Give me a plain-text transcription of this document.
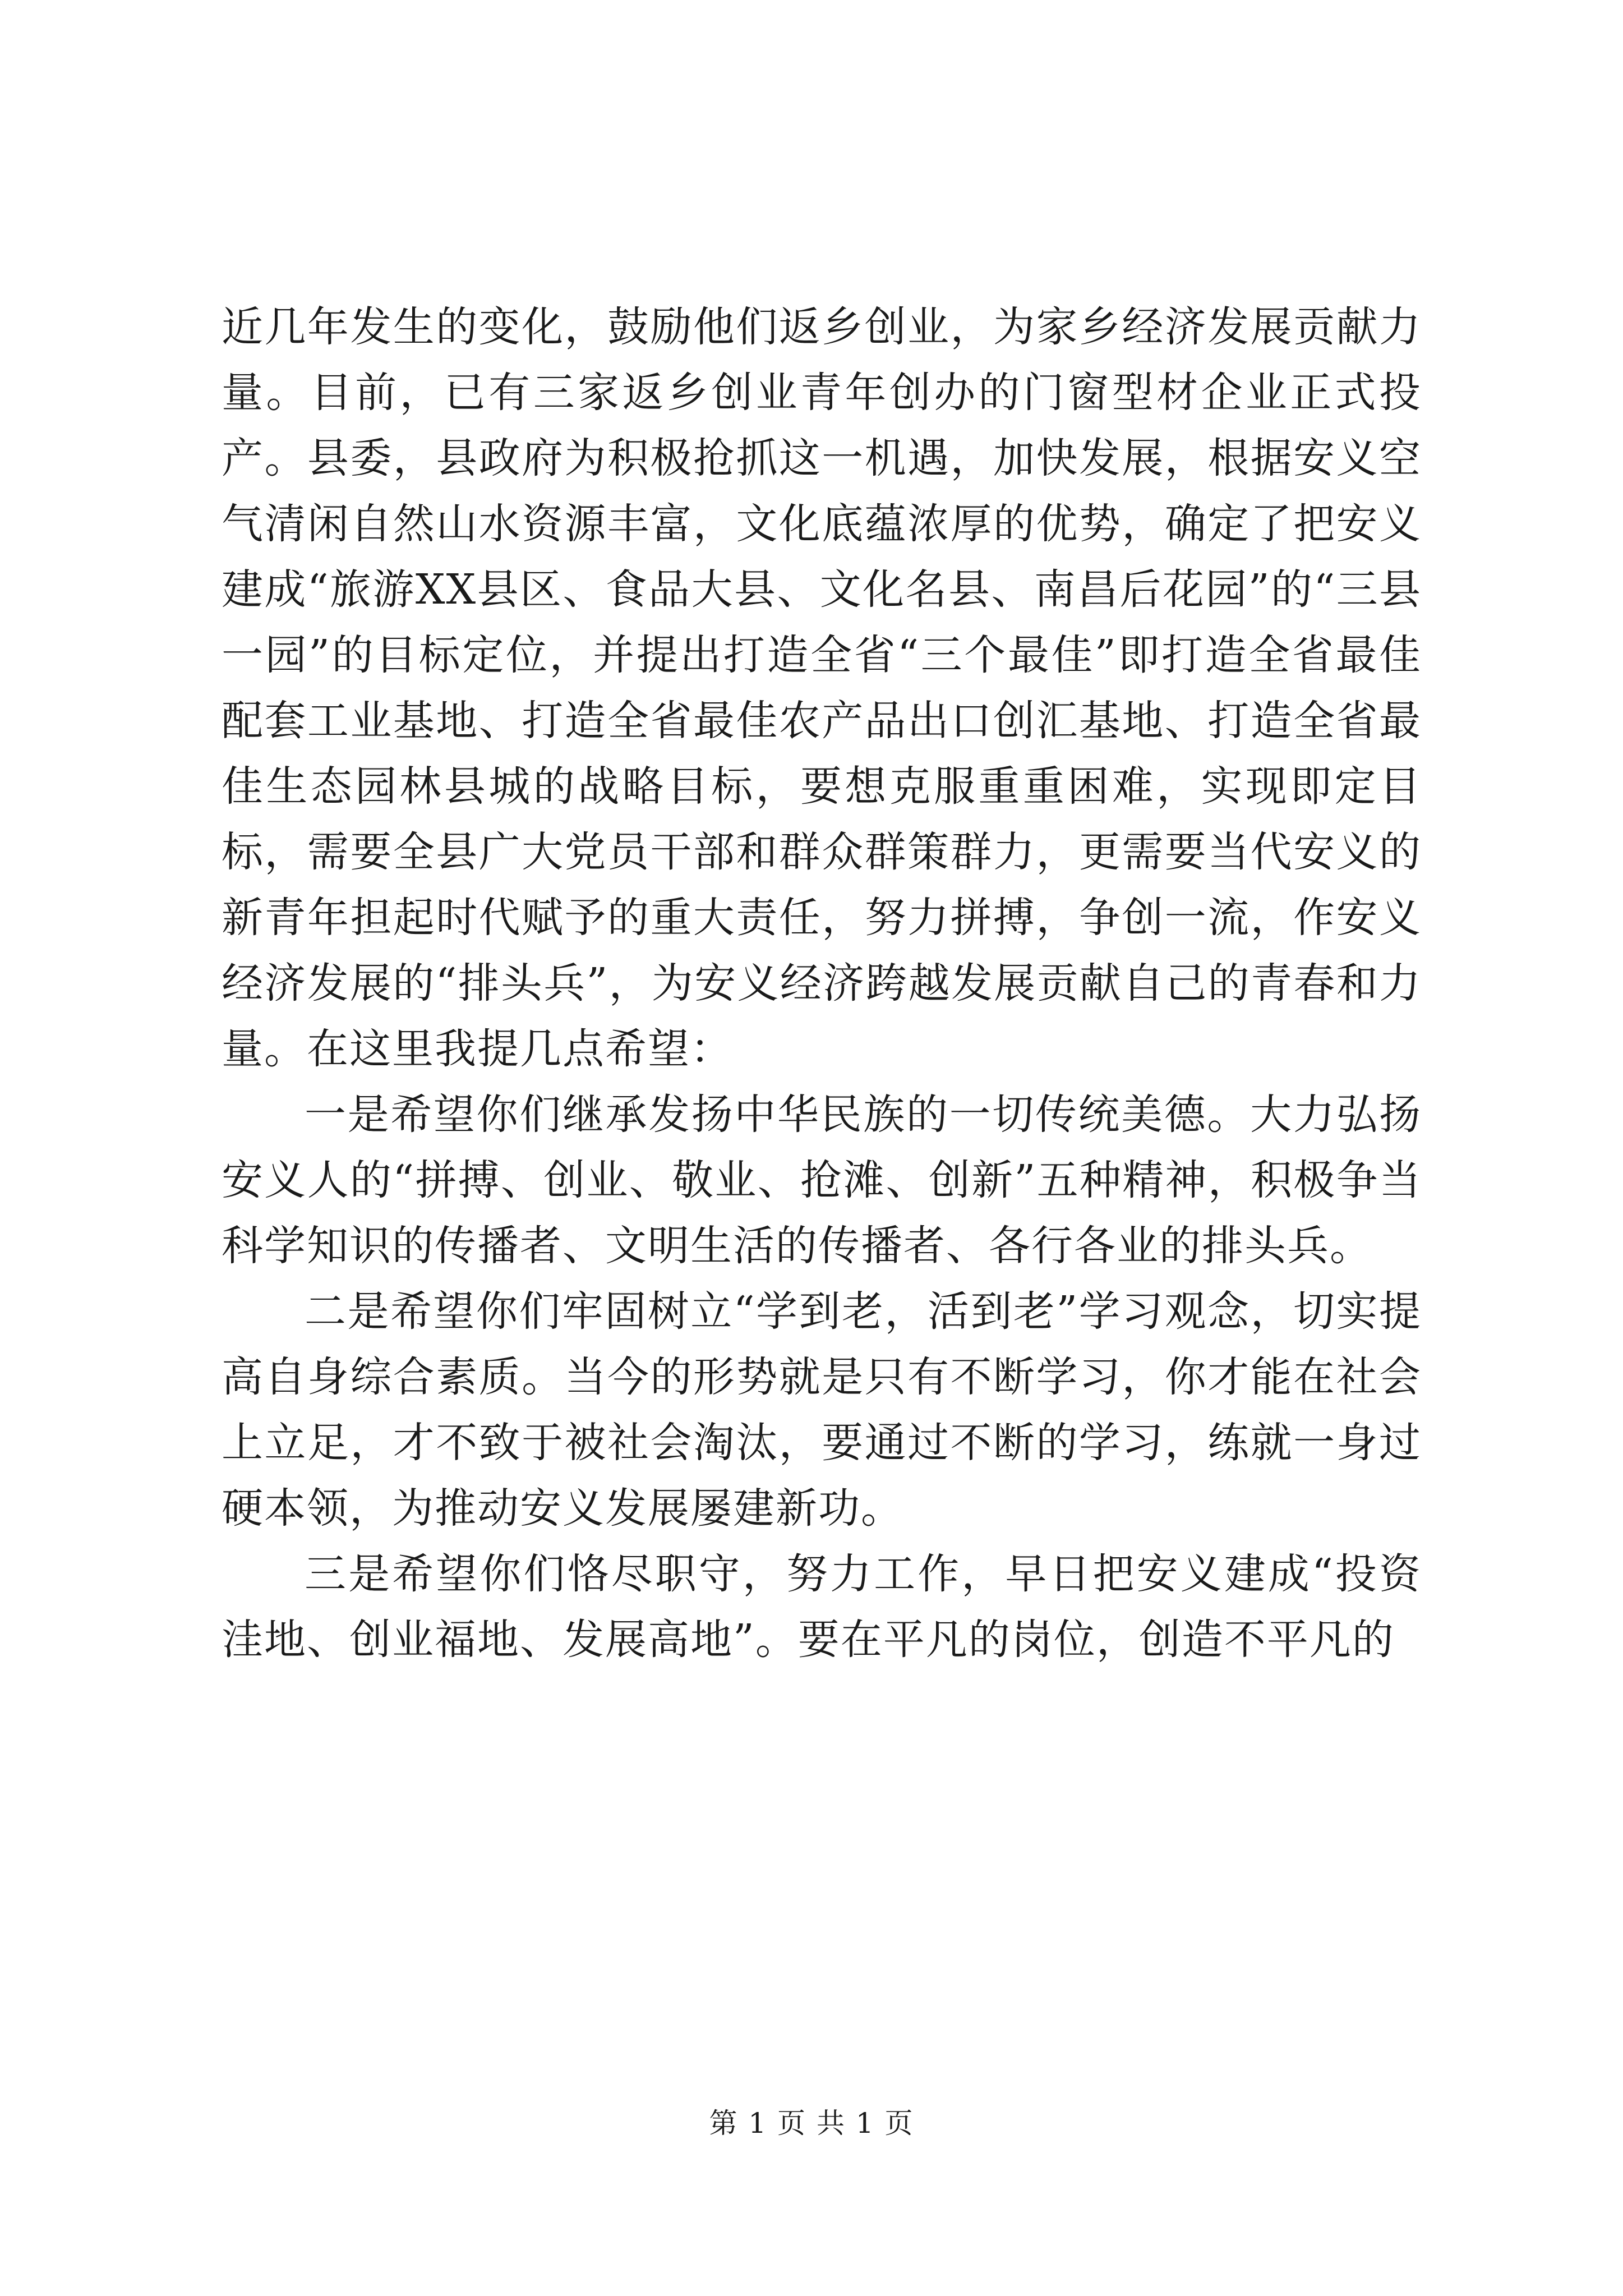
近几年发生的变化，鼓励他们返乡创业，为家乡经济发展贡献力量。目前，已有三家返乡创业青年创办的门窗型材企业正式投产。县委，县政府为积极抢抓这一机遇，加快发展，根据安义空气清闲自然山水资源丰富，文化底蕴浓厚的优势，确定了把安义建成“旅游XX县区、食品大县、文化名县、南昌后花园”的“三县一园”的目标定位，并提出打造全省“三个最佳”即打造全省最佳配套工业基地、打造全省最佳农产品出口创汇基地、打造全省最佳生态园林县城的战略目标，要想克服重重困难，实现即定目标，需要全县广大党员干部和群众群策群力，更需要当代安义的新青年担起时代赋予的重大责任，努力拼搏，争创一流，作安义经济发展的“排头兵”，为安义经济跨越发展贡献自己的青春和力量。在这里我提几点希望：

一是希望你们继承发扬中华民族的一切传统美德。大力弘扬安义人的“拼搏、创业、敬业、抢滩、创新”五种精神，积极争当科学知识的传播者、文明生活的传播者、各行各业的排头兵。

二是希望你们牢固树立“学到老，活到老”学习观念，切实提高自身综合素质。当今的形势就是只有不断学习，你才能在社会上立足，才不致于被社会淘汰，要通过不断的学习，练就一身过硬本领，为推动安义发展屡建新功。

三是希望你们恪尽职守，努力工作，早日把安义建成“投资洼地、创业福地、发展高地”。要在平凡的岗位，创造不平凡的

第 1 页 共 1 页
